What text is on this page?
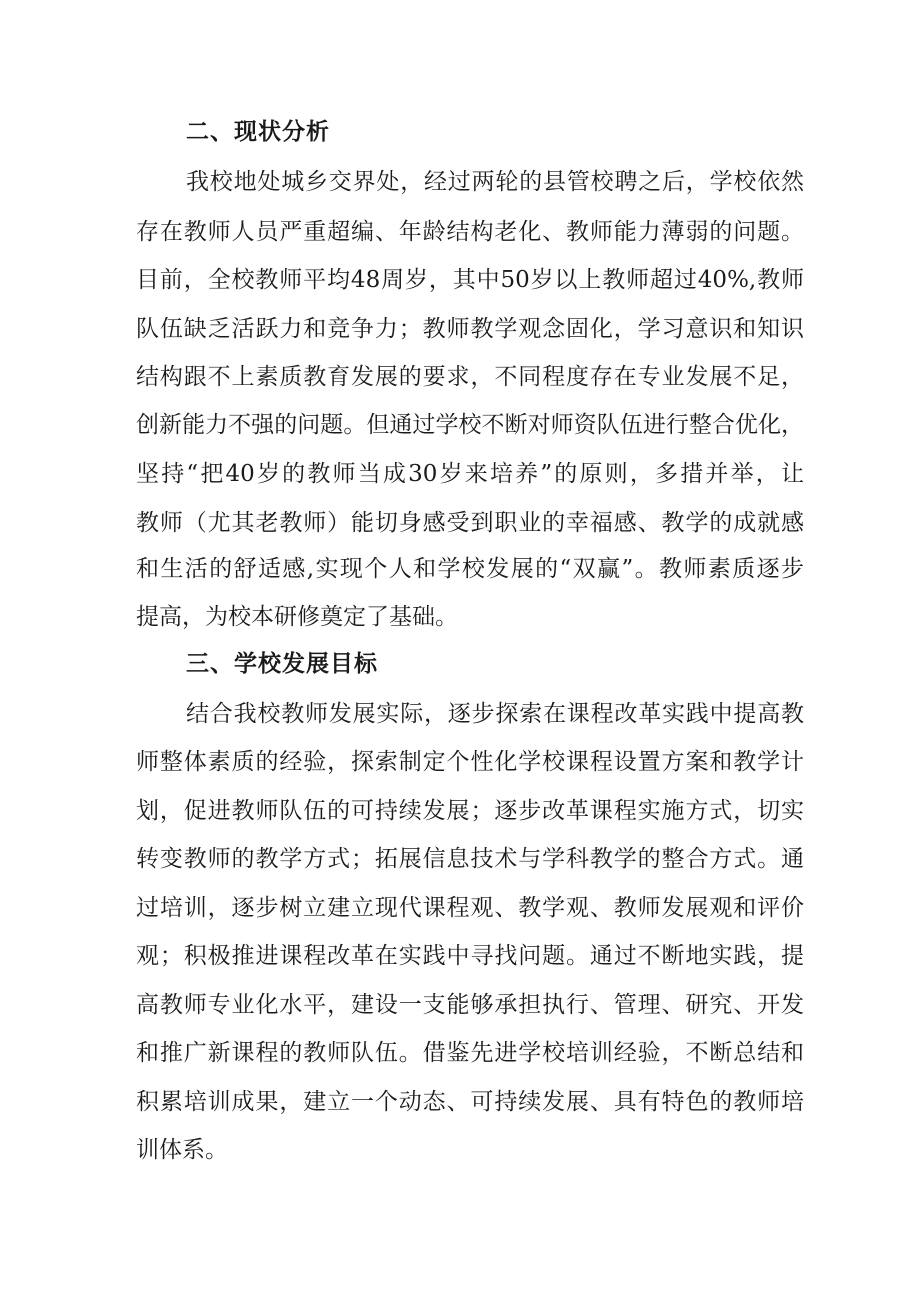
二、现状分析
我校地处城乡交界处，经过两轮的县管校聘之后，学校依然
存在教师人员严重超编、年龄结构老化、教师能力薄弱的问题。
目前，全校教师平均48周岁，其中50岁以上教师超过40%,教师
队伍缺乏活跃力和竞争力；教师教学观念固化，学习意识和知识
结构跟不上素质教育发展的要求，不同程度存在专业发展不足，
创新能力不强的问题。但通过学校不断对师资队伍进行整合优化，
坚持“把40岁的教师当成30岁来培养”的原则，多措并举，让
教师（尤其老教师）能切身感受到职业的幸福感、教学的成就感
和生活的舒适感,实现个人和学校发展的“双赢”。教师素质逐步
提高，为校本研修奠定了基础。
三、学校发展目标
结合我校教师发展实际，逐步探索在课程改革实践中提高教
师整体素质的经验，探索制定个性化学校课程设置方案和教学计
划，促进教师队伍的可持续发展；逐步改革课程实施方式，切实
转变教师的教学方式；拓展信息技术与学科教学的整合方式。通
过培训，逐步树立建立现代课程观、教学观、教师发展观和评价
观；积极推进课程改革在实践中寻找问题。通过不断地实践，提
高教师专业化水平，建设一支能够承担执行、管理、研究、开发
和推广新课程的教师队伍。借鉴先进学校培训经验，不断总结和
积累培训成果，建立一个动态、可持续发展、具有特色的教师培
训体系。
